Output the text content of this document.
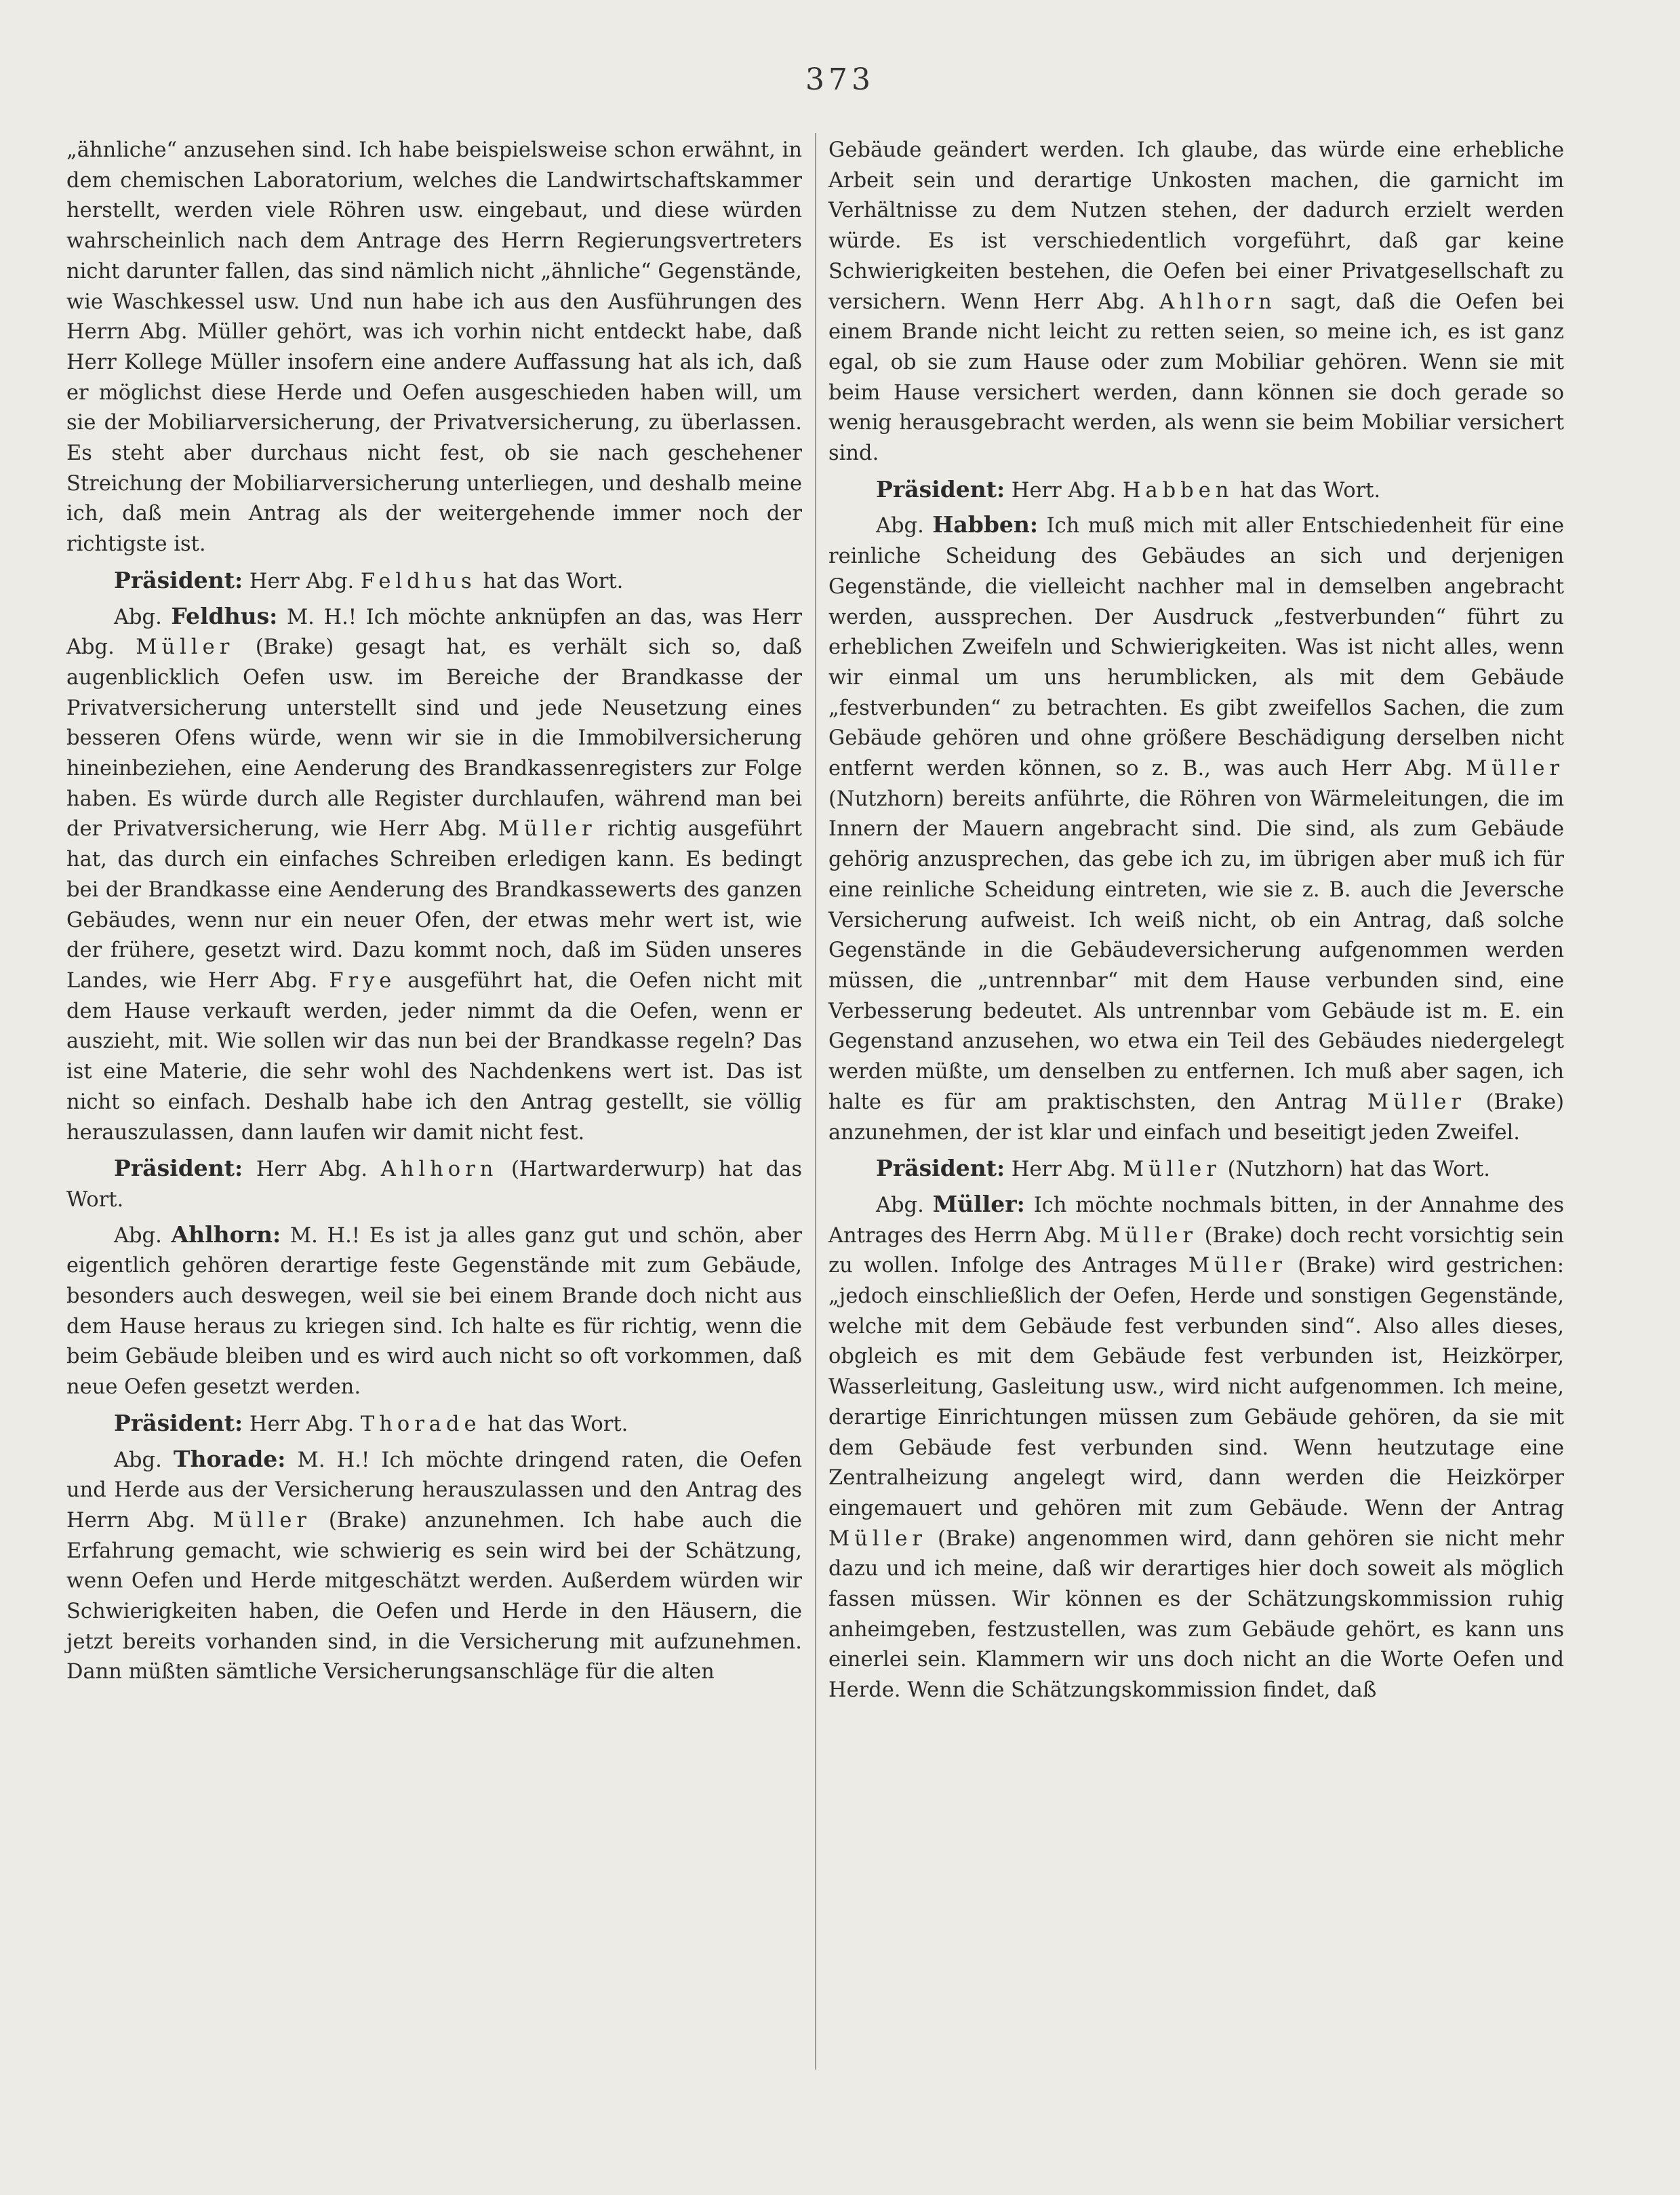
373

„ähnliche“ anzusehen sind. Ich habe beispielsweise schon erwähnt, in dem chemischen Laboratorium, welches die Landwirtschaftskammer herstellt, werden viele Röhren usw. eingebaut, und diese würden wahrscheinlich nach dem Antrage des Herrn Regierungsvertreters nicht darunter fallen, das sind nämlich nicht „ähnliche“ Gegenstände, wie Waschkessel usw. Und nun habe ich aus den Ausführungen des Herrn Abg. Müller gehört, was ich vorhin nicht entdeckt habe, daß Herr Kollege Müller insofern eine andere Auffassung hat als ich, daß er möglichst diese Herde und Oefen ausgeschieden haben will, um sie der Mobiliarversicherung, der Privatversicherung, zu überlassen. Es steht aber durchaus nicht fest, ob sie nach geschehener Streichung der Mobiliarversicherung unterliegen, und deshalb meine ich, daß mein Antrag als der weitergehende immer noch der richtigste ist.

Präsident: Herr Abg. Feldhus hat das Wort.

Abg. Feldhus: M. H.! Ich möchte anknüpfen an das, was Herr Abg. Müller (Brake) gesagt hat, es verhält sich so, daß augenblicklich Oefen usw. im Bereiche der Brandkasse der Privatversicherung unterstellt sind und jede Neusetzung eines besseren Ofens würde, wenn wir sie in die Immobilversicherung hineinbeziehen, eine Aenderung des Brandkassenregisters zur Folge haben. Es würde durch alle Register durchlaufen, während man bei der Privatversicherung, wie Herr Abg. Müller richtig ausgeführt hat, das durch ein einfaches Schreiben erledigen kann. Es bedingt bei der Brandkasse eine Aenderung des Brandkassewerts des ganzen Gebäudes, wenn nur ein neuer Ofen, der etwas mehr wert ist, wie der frühere, gesetzt wird. Dazu kommt noch, daß im Süden unseres Landes, wie Herr Abg. Frye ausgeführt hat, die Oefen nicht mit dem Hause verkauft werden, jeder nimmt da die Oefen, wenn er auszieht, mit. Wie sollen wir das nun bei der Brandkasse regeln? Das ist eine Materie, die sehr wohl des Nachdenkens wert ist. Das ist nicht so einfach. Deshalb habe ich den Antrag gestellt, sie völlig herauszulassen, dann laufen wir damit nicht fest.

Präsident: Herr Abg. Ahlhorn (Hartwarderwurp) hat das Wort.

Abg. Ahlhorn: M. H.! Es ist ja alles ganz gut und schön, aber eigentlich gehören derartige feste Gegenstände mit zum Gebäude, besonders auch deswegen, weil sie bei einem Brande doch nicht aus dem Hause heraus zu kriegen sind. Ich halte es für richtig, wenn die beim Gebäude bleiben und es wird auch nicht so oft vorkommen, daß neue Oefen gesetzt werden.

Präsident: Herr Abg. Thorade hat das Wort.

Abg. Thorade: M. H.! Ich möchte dringend raten, die Oefen und Herde aus der Versicherung herauszulassen und den Antrag des Herrn Abg. Müller (Brake) anzunehmen. Ich habe auch die Erfahrung gemacht, wie schwierig es sein wird bei der Schätzung, wenn Oefen und Herde mitgeschätzt werden. Außerdem würden wir Schwierigkeiten haben, die Oefen und Herde in den Häusern, die jetzt bereits vorhanden sind, in die Versicherung mit aufzunehmen. Dann müßten sämtliche Versicherungsanschläge für die alten

Gebäude geändert werden. Ich glaube, das würde eine erhebliche Arbeit sein und derartige Unkosten machen, die garnicht im Verhältnisse zu dem Nutzen stehen, der dadurch erzielt werden würde. Es ist verschiedentlich vorgeführt, daß gar keine Schwierigkeiten bestehen, die Oefen bei einer Privatgesellschaft zu versichern. Wenn Herr Abg. Ahlhorn sagt, daß die Oefen bei einem Brande nicht leicht zu retten seien, so meine ich, es ist ganz egal, ob sie zum Hause oder zum Mobiliar gehören. Wenn sie mit beim Hause versichert werden, dann können sie doch gerade so wenig herausgebracht werden, als wenn sie beim Mobiliar versichert sind.

Präsident: Herr Abg. Habben hat das Wort.

Abg. Habben: Ich muß mich mit aller Entschiedenheit für eine reinliche Scheidung des Gebäudes an sich und derjenigen Gegenstände, die vielleicht nachher mal in demselben angebracht werden, aussprechen. Der Ausdruck „festverbunden“ führt zu erheblichen Zweifeln und Schwierigkeiten. Was ist nicht alles, wenn wir einmal um uns herumblicken, als mit dem Gebäude „festverbunden“ zu betrachten. Es gibt zweifellos Sachen, die zum Gebäude gehören und ohne größere Beschädigung derselben nicht entfernt werden können, so z. B., was auch Herr Abg. Müller (Nutzhorn) bereits anführte, die Röhren von Wärmeleitungen, die im Innern der Mauern angebracht sind. Die sind, als zum Gebäude gehörig anzusprechen, das gebe ich zu, im übrigen aber muß ich für eine reinliche Scheidung eintreten, wie sie z. B. auch die Jeversche Versicherung aufweist. Ich weiß nicht, ob ein Antrag, daß solche Gegenstände in die Gebäudeversicherung aufgenommen werden müssen, die „untrennbar“ mit dem Hause verbunden sind, eine Verbesserung bedeutet. Als untrennbar vom Gebäude ist m. E. ein Gegenstand anzusehen, wo etwa ein Teil des Gebäudes niedergelegt werden müßte, um denselben zu entfernen. Ich muß aber sagen, ich halte es für am praktischsten, den Antrag Müller (Brake) anzunehmen, der ist klar und einfach und beseitigt jeden Zweifel.

Präsident: Herr Abg. Müller (Nutzhorn) hat das Wort.

Abg. Müller: Ich möchte nochmals bitten, in der Annahme des Antrages des Herrn Abg. Müller (Brake) doch recht vorsichtig sein zu wollen. Infolge des Antrages Müller (Brake) wird gestrichen: „jedoch einschließlich der Oefen, Herde und sonstigen Gegenstände, welche mit dem Gebäude fest verbunden sind“. Also alles dieses, obgleich es mit dem Gebäude fest verbunden ist, Heizkörper, Wasserleitung, Gasleitung usw., wird nicht aufgenommen. Ich meine, derartige Einrichtungen müssen zum Gebäude gehören, da sie mit dem Gebäude fest verbunden sind. Wenn heutzutage eine Zentralheizung angelegt wird, dann werden die Heizkörper eingemauert und gehören mit zum Gebäude. Wenn der Antrag Müller (Brake) angenommen wird, dann gehören sie nicht mehr dazu und ich meine, daß wir derartiges hier doch soweit als möglich fassen müssen. Wir können es der Schätzungskommission ruhig anheimgeben, festzustellen, was zum Gebäude gehört, es kann uns einerlei sein. Klammern wir uns doch nicht an die Worte Oefen und Herde. Wenn die Schätzungskommission findet, daß
